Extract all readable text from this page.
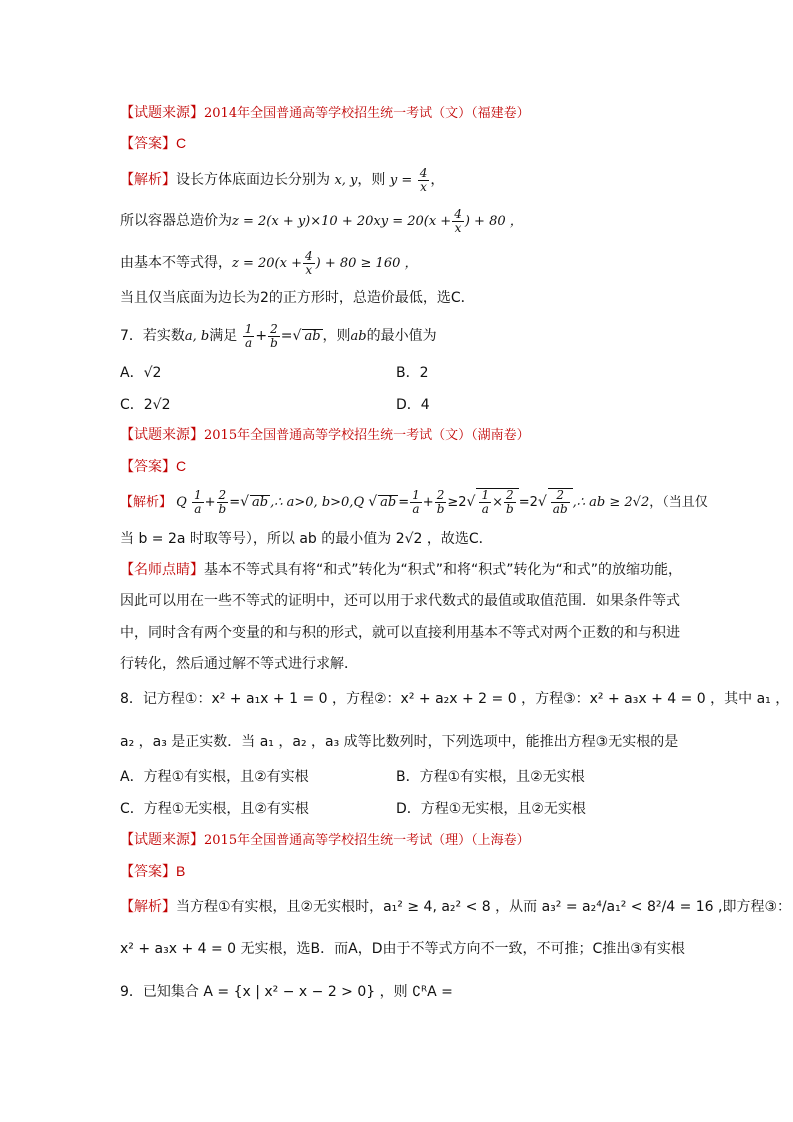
【试题来源】2014年全国普通高等学校招生统一考试（文）（福建卷）
【答案】C
【解析】设长方体底面边长分别为 x, y，则 $y = \frac{4}{x}$ ，
所以容器总造价为$z = 2(x + y)\times 10 + 20xy = 20(x + \frac{4}{x}$ ) + 80 ，
由基本不等式得，$z = 20(x + \frac{4}{x}$ ) + 80 ≥ 160 ，
当且仅当底面为边长为2的正方形时，总造价最低，选C．
7．若实数a, b满足 $\frac{1}{a} + \frac{2}{b}$ =√ ab ，则ab的最小值为
A．√2	B．2
C．2√2	D．4
【试题来源】2015年全国普通高等学校招生统一考试（文）（湖南卷）
【答案】C
【解析】 Q $\frac{1}{a} + \frac{2}{b}$ =√ ab ,∴ a>0, b>0,Q √ ab = $\frac{1}{a} + \frac{2}{b} \ge 2√ \frac{1}{a} \times \frac{2}{b} =2√ \frac{2}{ab}$ ,∴ ab ≥ 2√2，（当且仅
当 b = 2a 时取等号），所以 ab 的最小值为 2√2 ，故选C．
【名师点睛】基本不等式具有将“和式”转化为“积式”和将“积式”转化为“和式”的放缩功能，
因此可以用在一些不等式的证明中，还可以用于求代数式的最值或取值范围．如果条件等式
中，同时含有两个变量的和与积的形式，就可以直接利用基本不等式对两个正数的和与积进
行转化，然后通过解不等式进行求解．
8．记方程①：x² + a₁x + 1 = 0 ，方程②：x² + a₂x + 2 = 0 ，方程③：x² + a₃x + 4 = 0 ，其中 a₁ ，
a₂ ，a₃ 是正实数．当 a₁ ，a₂ ，a₃ 成等比数列时，下列选项中，能推出方程③无实根的是
A．方程①有实根，且②有实根	B．方程①有实根，且②无实根
C．方程①无实根，且②有实根	D．方程①无实根，且②无实根
【试题来源】2015年全国普通高等学校招生统一考试（理）（上海卷）
【答案】B
【解析】当方程①有实根，且②无实根时，a₁² ≥ 4, a₂² < 8 ，从而 a₃² = a₂⁴/a₁² < 8²/4 = 16 ,即方程③：
x² + a₃x + 4 = 0 无实根，选B．而A，D由于不等式方向不一致，不可推；C推出③有实根
9．已知集合 A = {x | x² − x − 2 > 0} ，则 ∁ᴿA =
